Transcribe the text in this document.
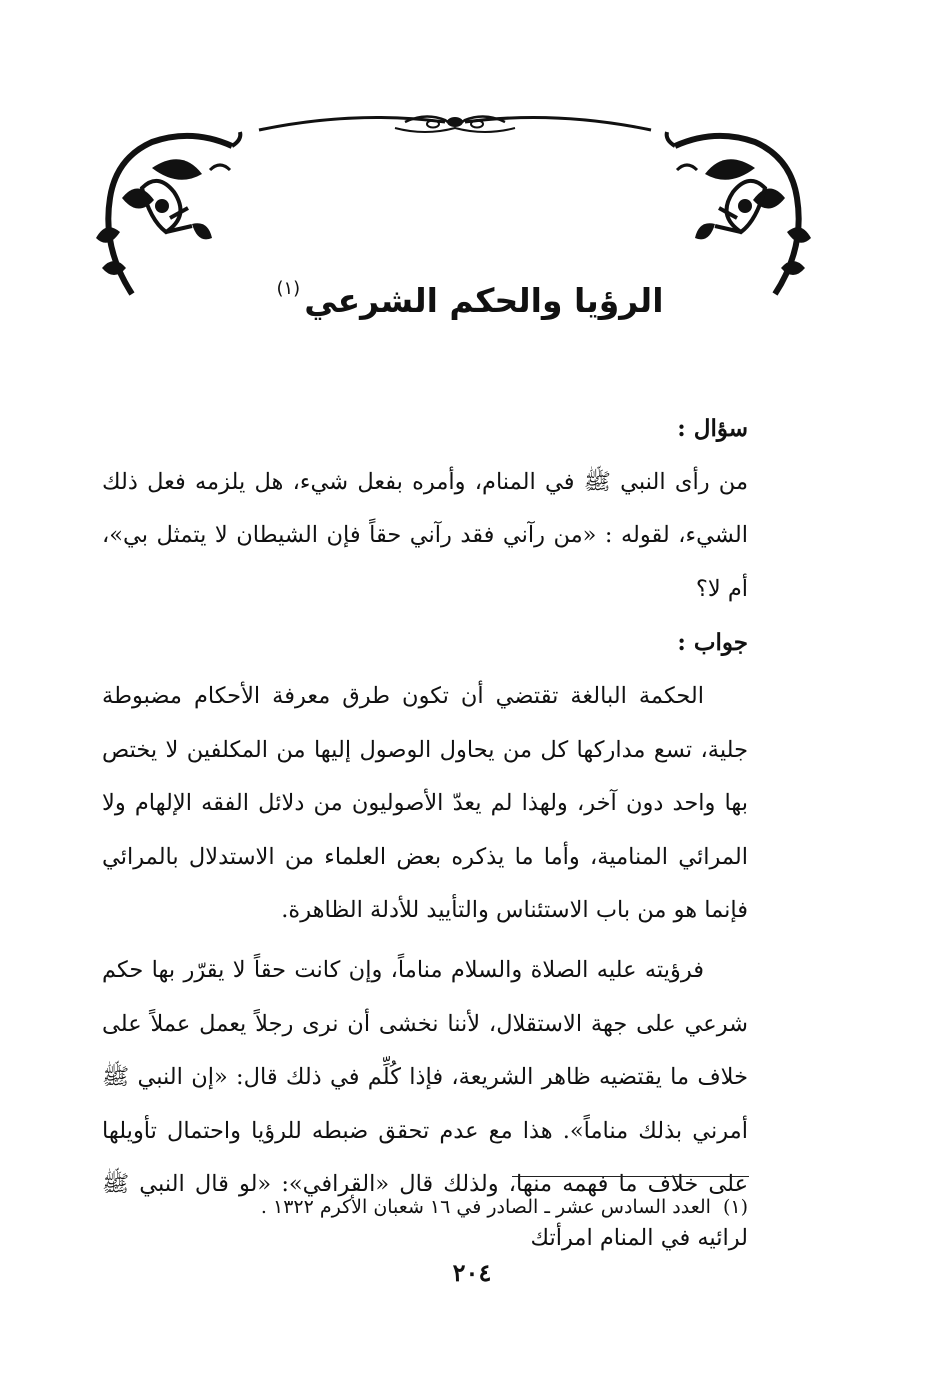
الرؤيا والحكم الشرعي$^{(١)}$

سؤال :

من رأى النبي ﷺ في المنام، وأمره بفعل شيء، هل يلزمه فعل ذلك الشيء، لقوله : «من رآني فقد رآني حقاً فإن الشيطان لا يتمثل بي»، أم لا؟

جواب :

الحكمة البالغة تقتضي أن تكون طرق معرفة الأحكام مضبوطة جلية، تسع مداركها كل من يحاول الوصول إليها من المكلفين لا يختص بها واحد دون آخر، ولهذا لم يعدّ الأصوليون من دلائل الفقه الإلهام ولا المرائي المنامية، وأما ما يذكره بعض العلماء من الاستدلال بالمرائي فإنما هو من باب الاستئناس والتأييد للأدلة الظاهرة.

فرؤيته عليه الصلاة والسلام مناماً، وإن كانت حقاً لا يقرّر بها حكم شرعي على جهة الاستقلال، لأننا نخشى أن نرى رجلاً يعمل عملاً على خلاف ما يقتضيه ظاهر الشريعة، فإذا كُلِّم في ذلك قال: «إن النبي ﷺ أمرني بذلك مناماً». هذا مع عدم تحقق ضبطه للرؤيا واحتمال تأويلها على خلاف ما فهمه منها، ولذلك قال «القرافي»: «لو قال النبي ﷺ لرائيه في المنام امرأتك

(١)العدد السادس عشر ـ الصادر في ١٦ شعبان الأكرم ١٣٢٢ .
٢٠٤
